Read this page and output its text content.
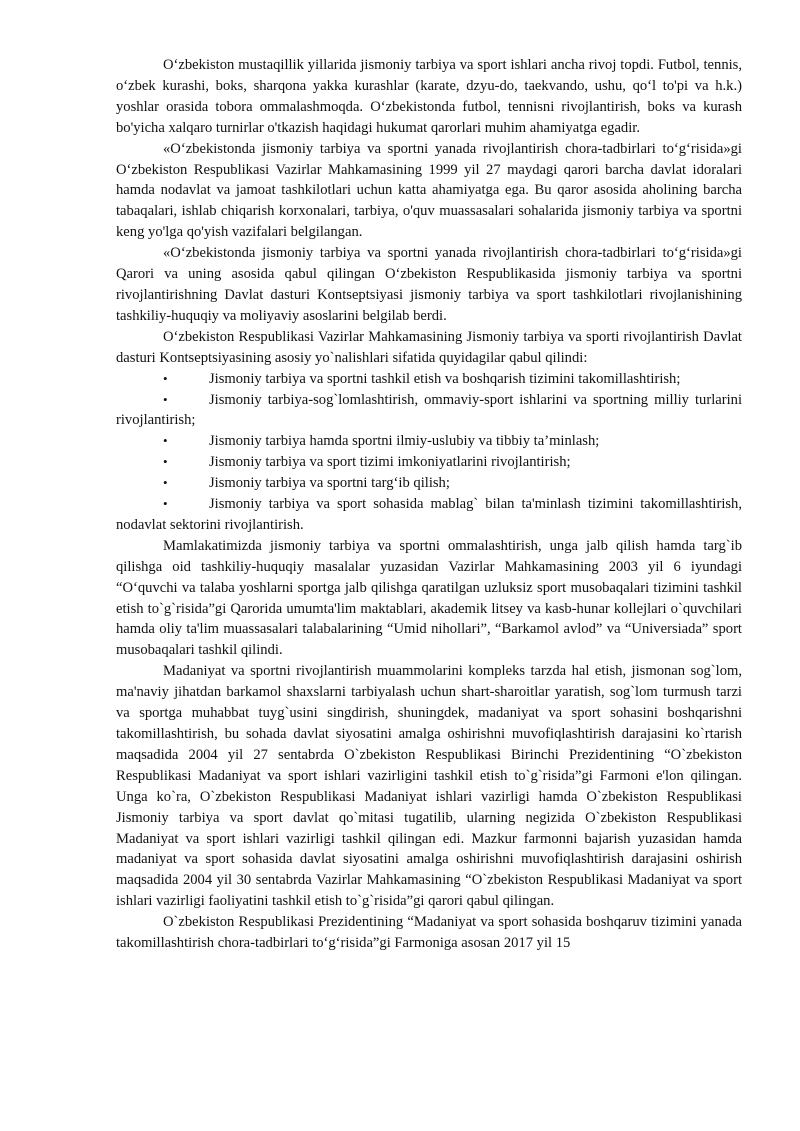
O‘zbekiston mustaqillik yillarida jismoniy tarbiya va sport ishlari ancha rivoj topdi. Futbol, tennis, o‘zbek kurashi, boks, sharqona yakka kurashlar (karate, dzyu-do, taekvando, ushu, qo‘l to'pi va h.k.) yoshlar orasida tobora ommalashmoqda. O‘zbekistonda futbol, tennisni rivojlantirish, boks va kurash bo'yicha xalqaro turnirlar o'tkazish haqidagi hukumat qarorlari muhim ahamiyatga egadir.

«O‘zbekistonda jismoniy tarbiya va sportni yanada rivojlantirish chora-tadbirlari to‘g‘risida»gi O‘zbekiston Respublikasi Vazirlar Mahkamasining 1999 yil 27 maydagi qarori barcha davlat idoralari hamda nodavlat va jamoat tashkilotlari uchun katta ahamiyatga ega. Bu qaror asosida aholining barcha tabaqalari, ishlab chiqarish korxonalari, tarbiya, o'quv muassasalari sohalarida jismoniy tarbiya va sportni keng yo'lga qo'yish vazifalari belgilangan.

«O‘zbekistonda jismoniy tarbiya va sportni yanada rivojlantirish chora-tadbirlari to‘g‘risida»gi Qarori va uning asosida qabul qilingan O‘zbekiston Respublikasida jismoniy tarbiya va sportni rivojlantirishning Davlat dasturi Kontseptsiyasi jismoniy tarbiya va sport tashkilotlari rivojlanishining tashkiliy-huquqiy va moliyaviy asoslarini belgilab berdi.

O‘zbekiston Respublikasi Vazirlar Mahkamasining Jismoniy tarbiya va sporti rivojlantirish Davlat dasturi Kontseptsiyasining asosiy yo`nalishlari sifatida quyidagilar qabul qilindi:

•	Jismoniy tarbiya va sportni tashkil etish va boshqarish tizimini takomillashtirish;
•	Jismoniy tarbiya-sog`lomlashtirish, ommaviy-sport ishlarini va sportning milliy turlarini rivojlantirish;
•	Jismoniy tarbiya hamda sportni ilmiy-uslubiy va tibbiy ta’minlash;
•	Jismoniy tarbiya va sport tizimi imkoniyatlarini rivojlantirish;
•	Jismoniy tarbiya va sportni targ‘ib qilish;
•	Jismoniy tarbiya va sport sohasida mablag` bilan ta'minlash tizimini takomillashtirish, nodavlat sektorini rivojlantirish.

Mamlakatimizda jismoniy tarbiya va sportni ommalashtirish, unga jalb qilish hamda targ`ib qilishga oid tashkiliy-huquqiy masalalar yuzasidan Vazirlar Mahkamasining 2003 yil 6 iyundagi “O‘quvchi va talaba yoshlarni sportga jalb qilishga qaratilgan uzluksiz sport musobaqalari tizimini tashkil etish to`g`risida”gi Qarorida umumta'lim maktablari, akademik litsey va kasb-hunar kollejlari o`quvchilari hamda oliy ta'lim muassasalari talabalarining “Umid nihollari”, “Barkamol avlod” va “Universiada” sport musobaqalari tashkil qilindi.

Madaniyat va sportni rivojlantirish muammolarini kompleks tarzda hal etish, jismonan sog`lom, ma'naviy jihatdan barkamol shaxslarni tarbiyalash uchun shart-sharoitlar yaratish, sog`lom turmush tarzi va sportga muhabbat tuyg`usini singdirish, shuningdek, madaniyat va sport sohasini boshqarishni takomillashtirish, bu sohada davlat siyosatini amalga oshirishni muvofiqlashtirish darajasini ko`rtarish maqsadida 2004 yil 27 sentabrda O`zbekiston Respublikasi Birinchi Prezidentining “O`zbekiston Respublikasi Madaniyat va sport ishlari vazirligini tashkil etish to`g`risida”gi Farmoni e'lon qilingan. Unga ko`ra, O`zbekiston Respublikasi Madaniyat ishlari vazirligi hamda O`zbekiston Respublikasi Jismoniy tarbiya va sport davlat qo`mitasi tugatilib, ularning negizida O`zbekiston Respublikasi Madaniyat va sport ishlari vazirligi tashkil qilingan edi. Mazkur farmonni bajarish yuzasidan hamda madaniyat va sport sohasida davlat siyosatini amalga oshirishni muvofiqlashtirish darajasini oshirish maqsadida 2004 yil 30 sentabrda Vazirlar Mahkamasining “O`zbekiston Respublikasi Madaniyat va sport ishlari vazirligi faoliyatini tashkil etish to`g`risida”gi qarori qabul qilingan.

O`zbekiston Respublikasi Prezidentining “Madaniyat va sport sohasida boshqaruv tizimini yanada takomillashtirish chora-tadbirlari to‘g‘risida”gi Farmoniga asosan 2017 yil 15
